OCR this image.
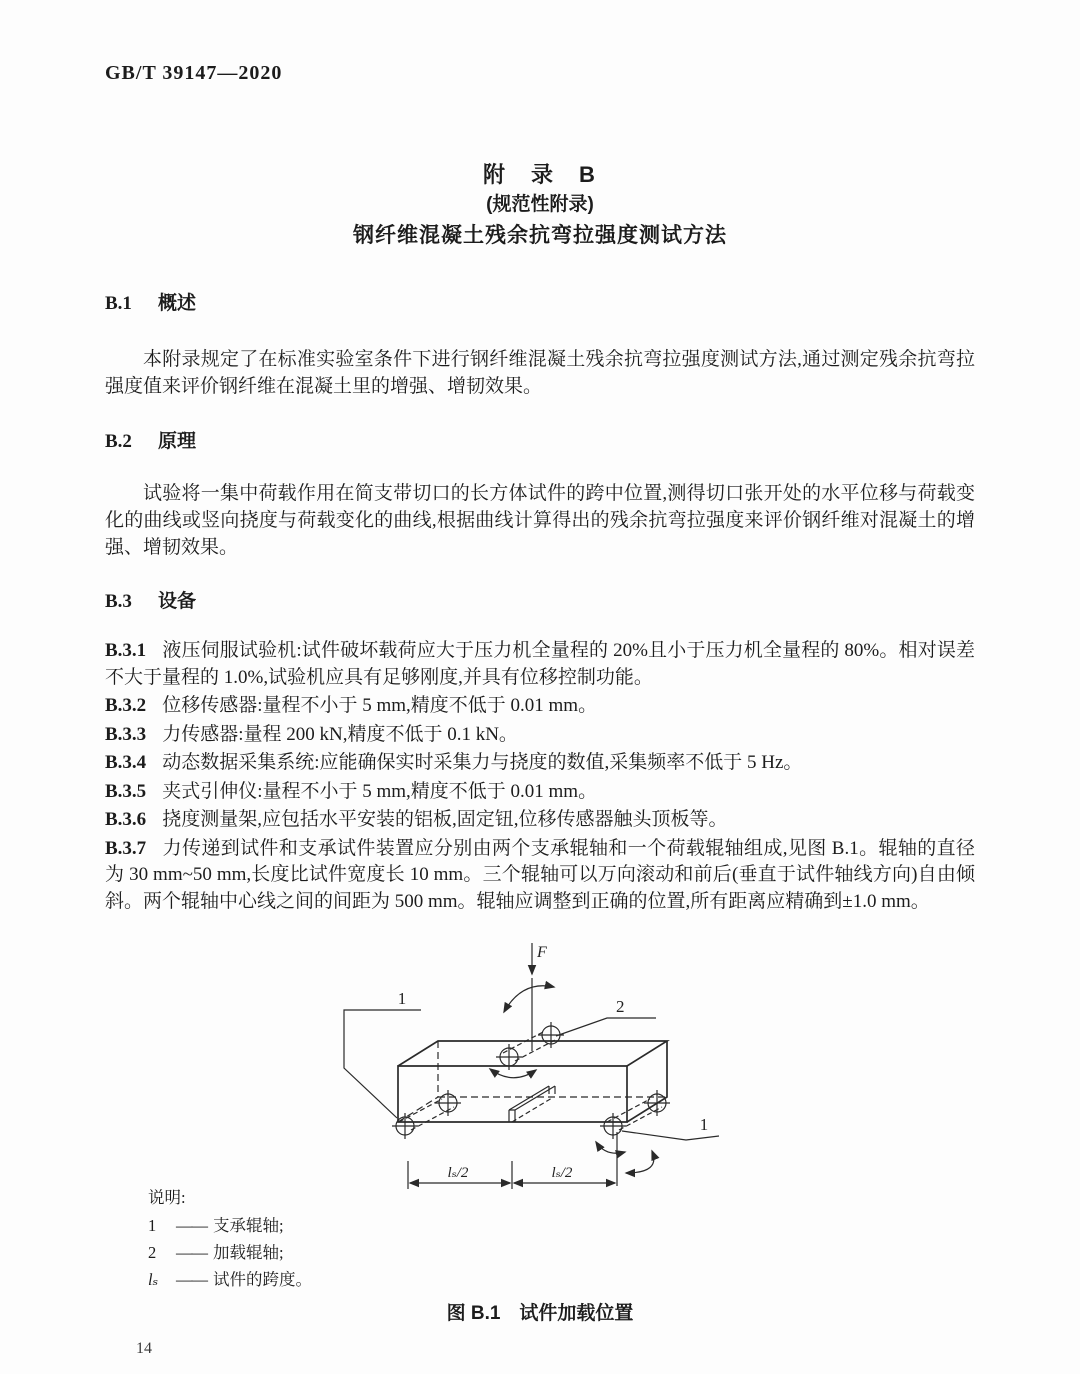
GB/T 39147—2020
附　录　B
(规范性附录)
钢纤维混凝土残余抗弯拉强度测试方法
B.1 概述

本附录规定了在标准实验室条件下进行钢纤维混凝土残余抗弯拉强度测试方法,通过测定残余抗弯拉强度值来评价钢纤维在混凝土里的增强、增韧效果。

B.2 原理

试验将一集中荷载作用在简支带切口的长方体试件的跨中位置,测得切口张开处的水平位移与荷载变化的曲线或竖向挠度与荷载变化的曲线,根据曲线计算得出的残余抗弯拉强度来评价钢纤维对混凝土的增强、增韧效果。

B.3 设备

B.3.1 液压伺服试验机:试件破坏载荷应大于压力机全量程的 20%且小于压力机全量程的 80%。相对误差不大于量程的 1.0%,试验机应具有足够刚度,并具有位移控制功能。

B.3.2 位移传感器:量程不小于 5 mm,精度不低于 0.01 mm。

B.3.3 力传感器:量程 200 kN,精度不低于 0.1 kN。

B.3.4 动态数据采集系统:应能确保实时采集力与挠度的数值,采集频率不低于 5 Hz。

B.3.5 夹式引伸仪:量程不小于 5 mm,精度不低于 0.01 mm。

B.3.6 挠度测量架,应包括水平安装的铝板,固定钮,位移传感器触头顶板等。

B.3.7 力传递到试件和支承试件装置应分别由两个支承辊轴和一个荷载辊轴组成,见图 B.1。辊轴的直径为 30 mm~50 mm,长度比试件宽度长 10 mm。三个辊轴可以万向滚动和前后(垂直于试件轴线方向)自由倾斜。两个辊轴中心线之间的间距为 500 mm。辊轴应调整到正确的位置,所有距离应精确到±1.0 mm。

F
1	2
1
lₛ/2	lₛ/2
说明:
1	—— 支承辊轴;
2	—— 加载辊轴;
lₛ	—— 试件的跨度。
图 B.1　试件加载位置
14
